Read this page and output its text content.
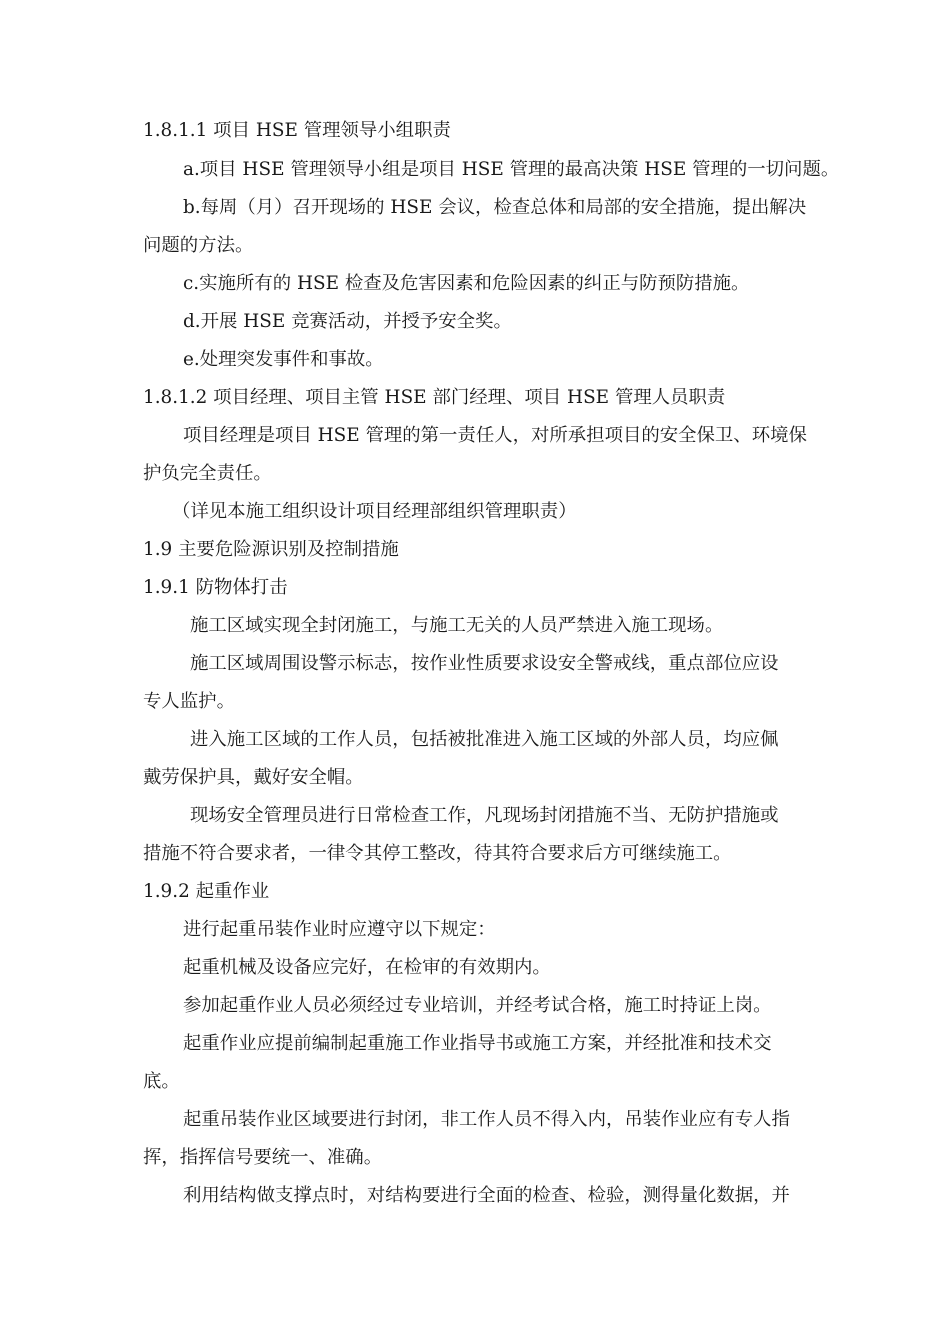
1.8.1.1 项目 HSE 管理领导小组职责
a.项目 HSE 管理领导小组是项目 HSE 管理的最高决策 HSE 管理的一切问题。
b.每周（月）召开现场的 HSE 会议，检查总体和局部的安全措施，提出解决
问题的方法。
c.实施所有的 HSE 检查及危害因素和危险因素的纠正与防预防措施。
d.开展 HSE 竞赛活动，并授予安全奖。
e.处理突发事件和事故。
1.8.1.2 项目经理、项目主管 HSE 部门经理、项目 HSE 管理人员职责
项目经理是项目 HSE 管理的第一责任人，对所承担项目的安全保卫、环境保
护负完全责任。
（详见本施工组织设计项目经理部组织管理职责）
1.9 主要危险源识别及控制措施
1.9.1 防物体打击
施工区域实现全封闭施工，与施工无关的人员严禁进入施工现场。
施工区域周围设警示标志，按作业性质要求设安全警戒线，重点部位应设
专人监护。
进入施工区域的工作人员，包括被批准进入施工区域的外部人员，均应佩
戴劳保护具，戴好安全帽。
现场安全管理员进行日常检查工作，凡现场封闭措施不当、无防护措施或
措施不符合要求者，一律令其停工整改，待其符合要求后方可继续施工。
1.9.2 起重作业
进行起重吊装作业时应遵守以下规定：
起重机械及设备应完好，在检审的有效期内。
参加起重作业人员必须经过专业培训，并经考试合格，施工时持证上岗。
起重作业应提前编制起重施工作业指导书或施工方案，并经批准和技术交
底。
起重吊装作业区域要进行封闭，非工作人员不得入内，吊装作业应有专人指
挥，指挥信号要统一、准确。
利用结构做支撑点时，对结构要进行全面的检查、检验，测得量化数据，并
